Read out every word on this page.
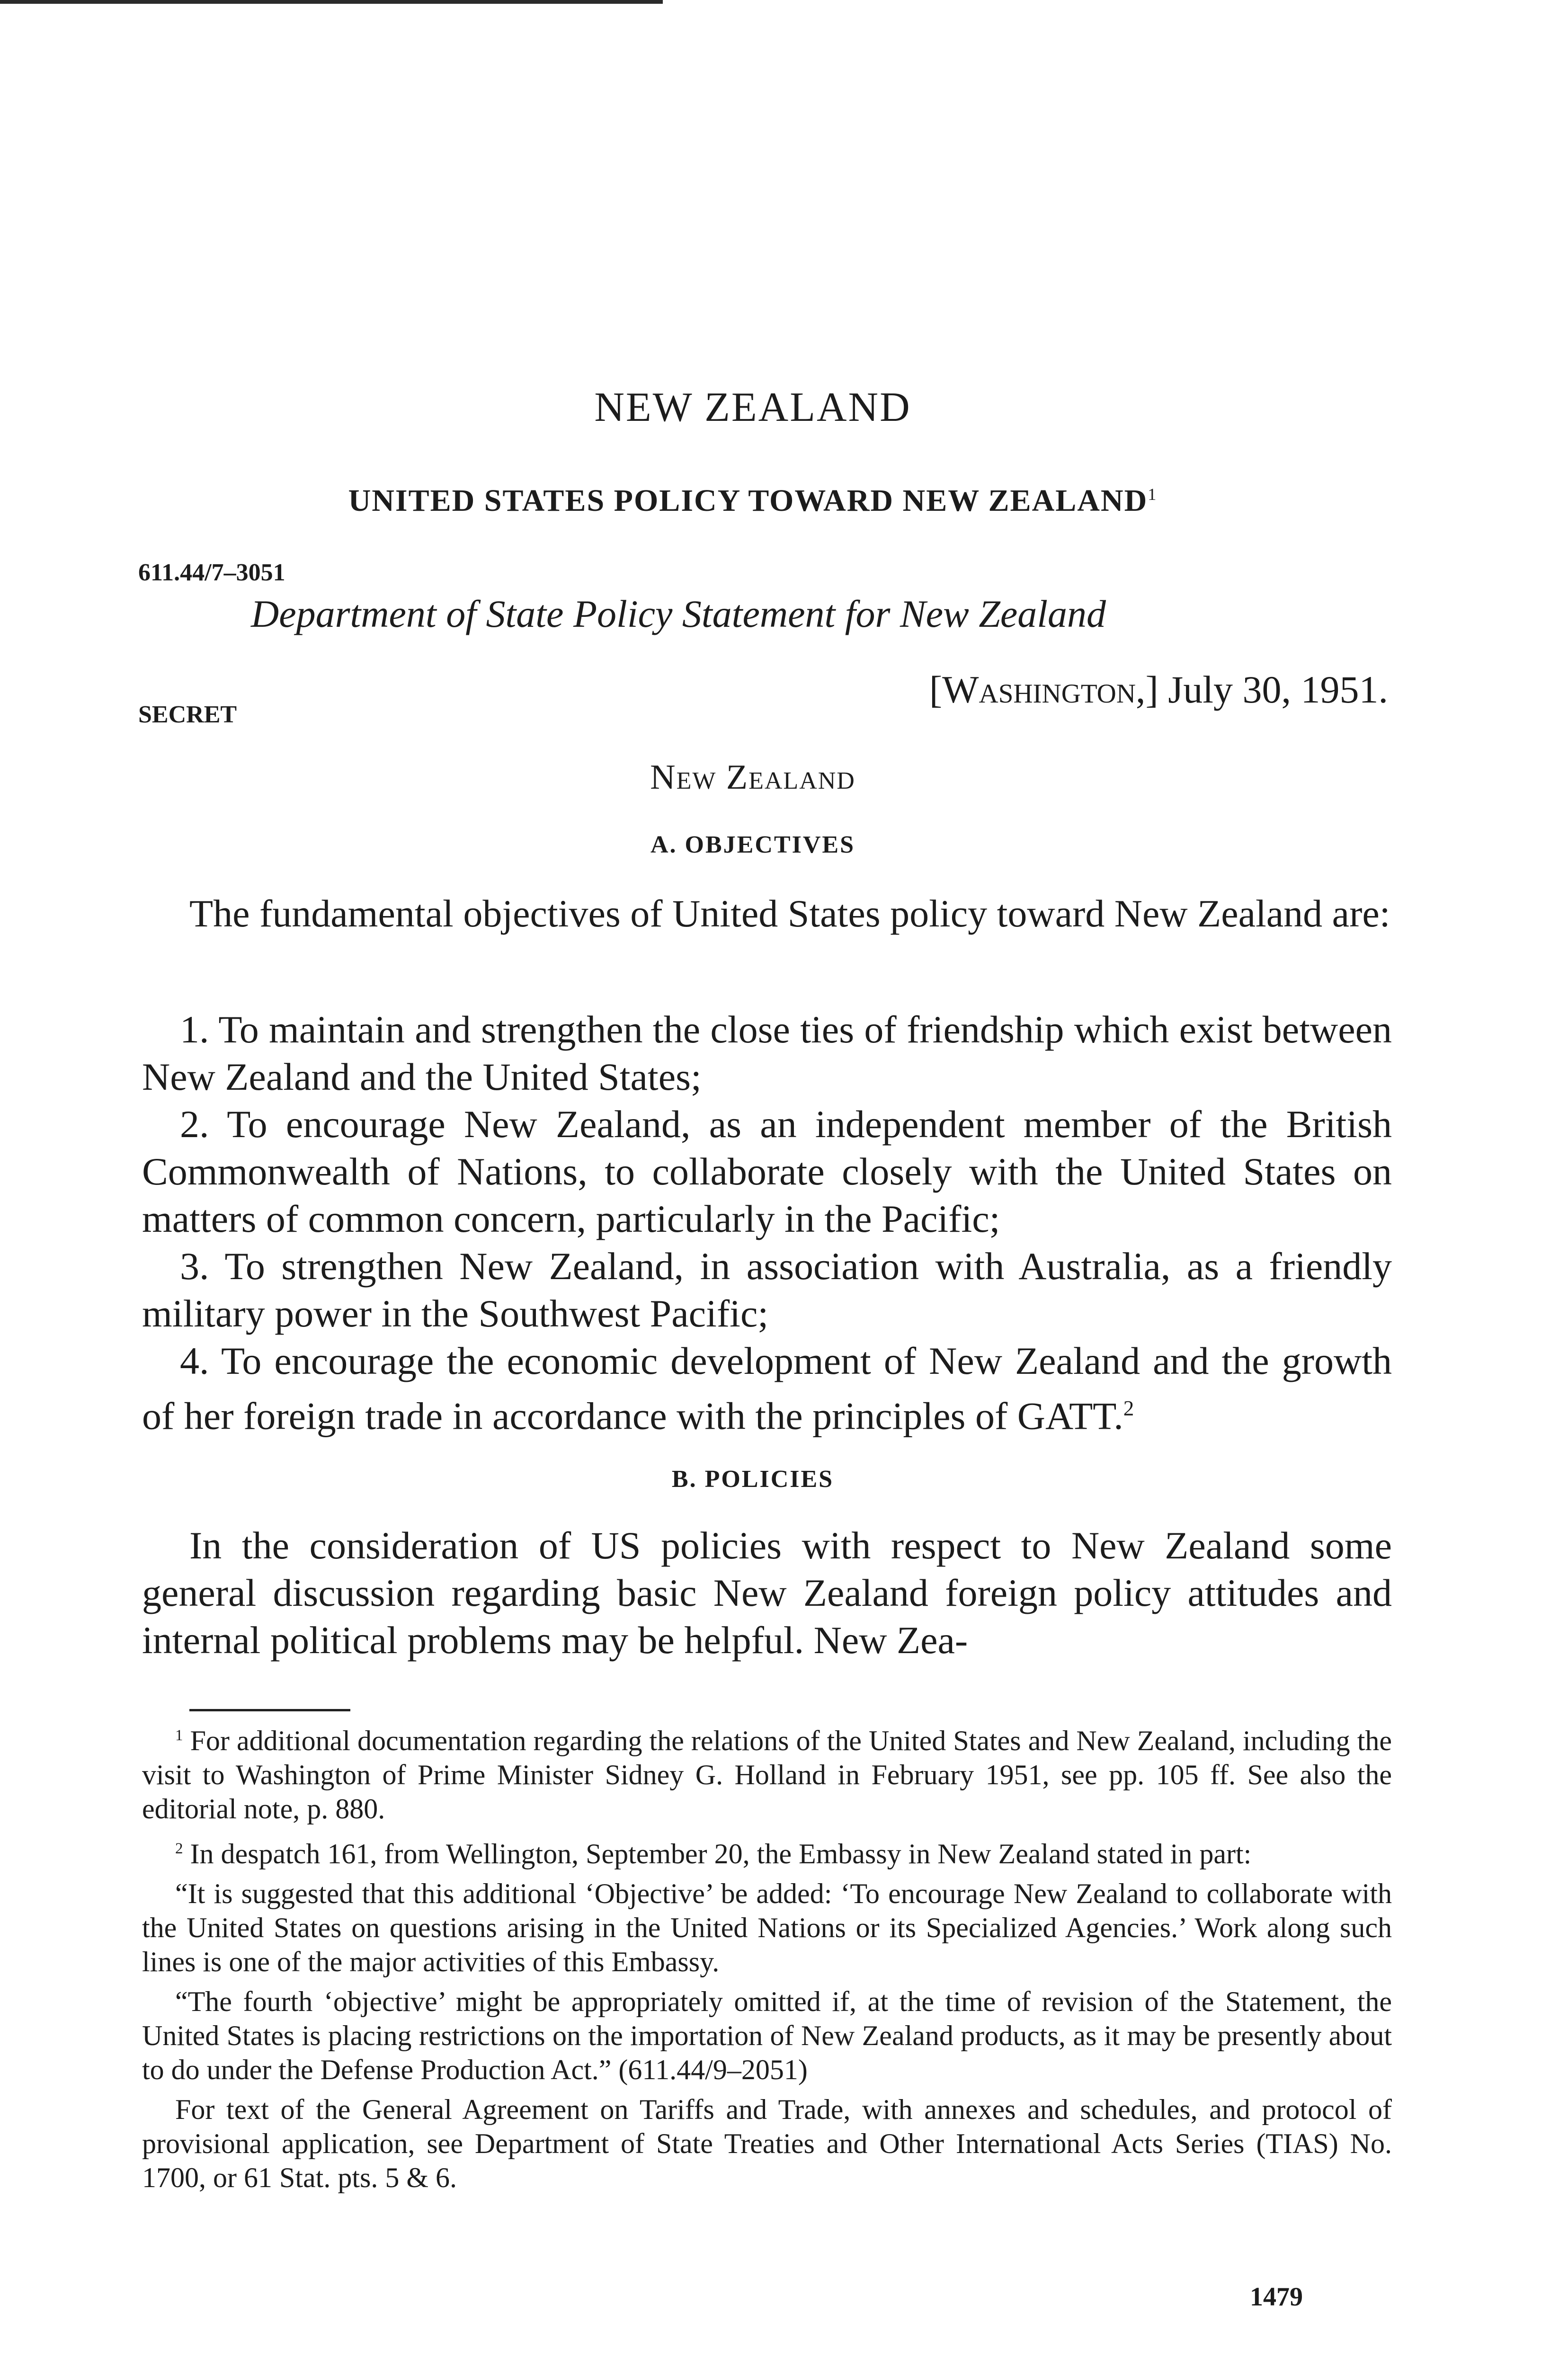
NEW ZEALAND
UNITED STATES POLICY TOWARD NEW ZEALAND$^1$
611.44/7–3051
Department of State Policy Statement for New Zealand
SECRET
[Washington,] July 30, 1951.
New Zealand
A. OBJECTIVES

The fundamental objectives of United States policy toward New Zealand are:

1. To maintain and strengthen the close ties of friendship which exist between New Zealand and the United States;

2. To encourage New Zealand, as an independent member of the British Commonwealth of Nations, to collaborate closely with the United States on matters of common concern, particularly in the Pacific;

3. To strengthen New Zealand, in association with Australia, as a friendly military power in the Southwest Pacific;

4. To encourage the economic development of New Zealand and the growth of her foreign trade in accordance with the principles of GATT.$^2$

B. POLICIES

In the consideration of US policies with respect to New Zealand some general discussion regarding basic New Zealand foreign policy attitudes and internal political problems may be helpful. New Zea-

$^1$ For additional documentation regarding the relations of the United States and New Zealand, including the visit to Washington of Prime Minister Sidney G. Holland in February 1951, see pp. 105 ff. See also the editorial note, p. 880.

$^2$ In despatch 161, from Wellington, September 20, the Embassy in New Zealand stated in part:

“It is suggested that this additional ‘Objective’ be added: ‘To encourage New Zealand to collaborate with the United States on questions arising in the United Nations or its Specialized Agencies.’ Work along such lines is one of the major activities of this Embassy.

“The fourth ‘objective’ might be appropriately omitted if, at the time of revision of the Statement, the United States is placing restrictions on the importation of New Zealand products, as it may be presently about to do under the Defense Production Act.” (611.44/9–2051)

For text of the General Agreement on Tariffs and Trade, with annexes and schedules, and protocol of provisional application, see Department of State Treaties and Other International Acts Series (TIAS) No. 1700, or 61 Stat. pts. 5 & 6.

1479
